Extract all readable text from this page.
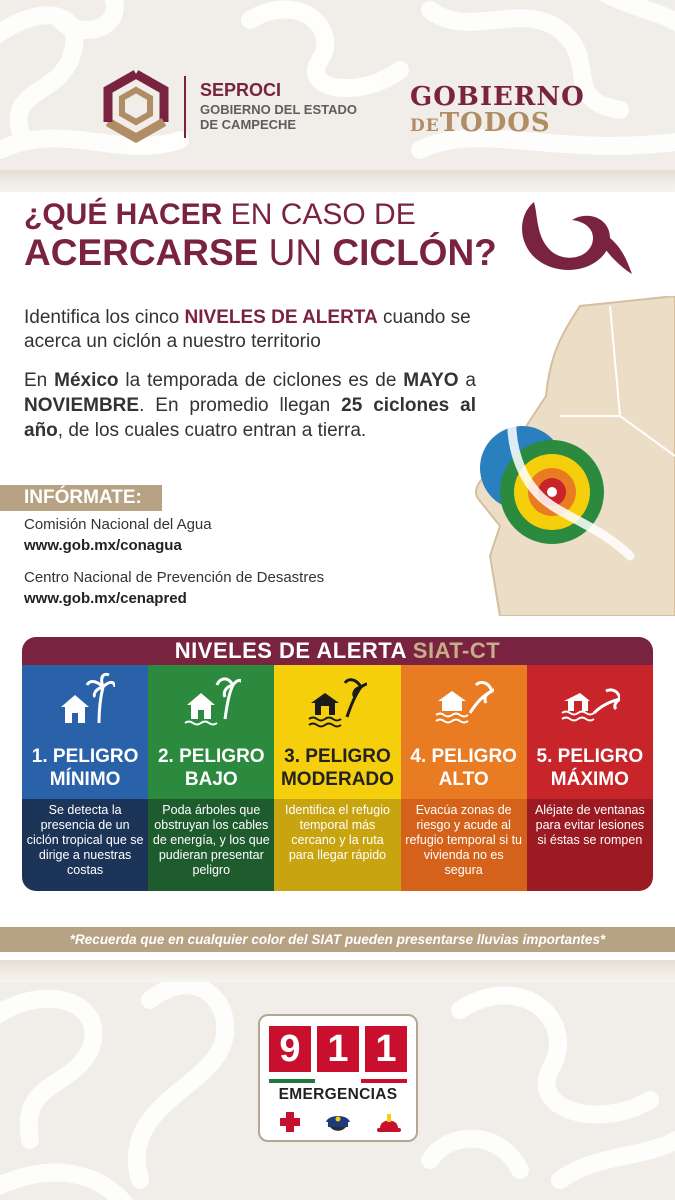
SEPROCI
GOBIERNO DEL ESTADO
DE CAMPECHE
GOBIERNO
DETODOS
¿QUÉ HACER EN CASO DE
ACERCARSE UN CICLÓN?
Identifica los cinco NIVELES DE ALERTA cuando se acerca un ciclón a nuestro territorio
En México la temporada de ciclones es de MAYO a NOVIEMBRE. En promedio llegan 25 ciclones al año, de los cuales cuatro entran a tierra.
INFÓRMATE:
Comisión Nacional del Agua
www.gob.mx/conagua
Centro Nacional de Prevención de Desastres
www.gob.mx/cenapred
NIVELES DE ALERTA SIAT-CT
1. PELIGRO
MÍNIMO
Se detecta la presencia de un ciclón tropical que se dirige a nuestras costas
2. PELIGRO
BAJO
Poda árboles que obstruyan los cables de energía, y los que pudieran presentar peligro
3. PELIGRO
MODERADO
Identifica el refugio temporal más cercano y la ruta para llegar rápido
4. PELIGRO
ALTO
Evacúa zonas de riesgo y acude al refugio temporal si tu vivienda no es segura
5. PELIGRO
MÁXIMO
Aléjate de ventanas para evitar lesiones si éstas se rompen
*Recuerda que en cualquier color del SIAT pueden presentarse lluvias importantes*
9 1 1
EMERGENCIAS
